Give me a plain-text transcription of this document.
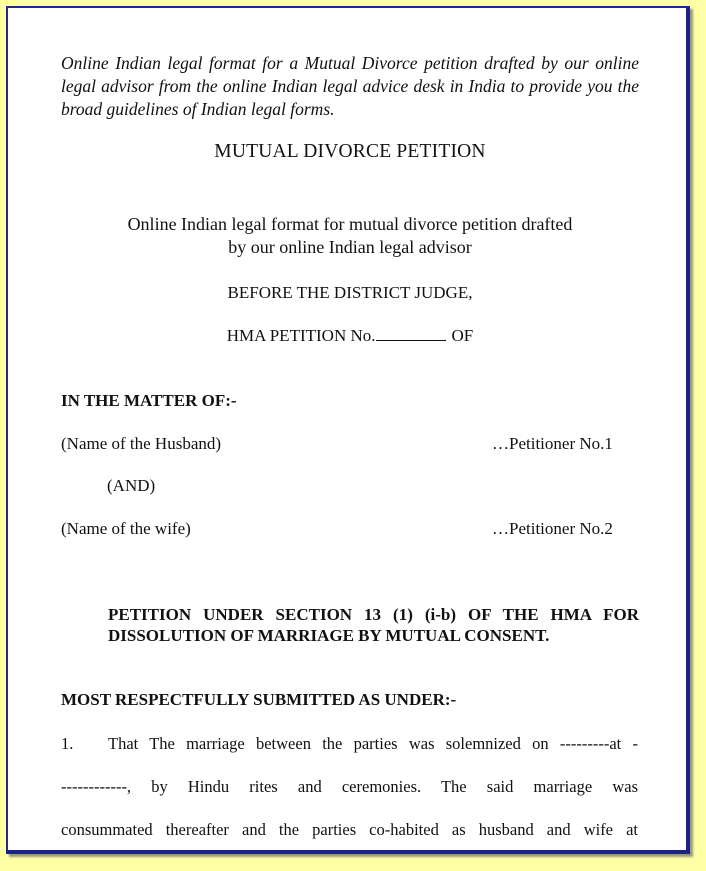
Online Indian legal format for a Mutual Divorce petition drafted by our online legal advisor from the online Indian legal advice desk in India to provide you the broad guidelines of Indian legal forms.
MUTUAL DIVORCE PETITION
Online Indian legal format for mutual divorce petition drafted
by our online Indian legal advisor
BEFORE THE DISTRICT JUDGE,
HMA PETITION No.	OF
IN THE MATTER OF:-
(Name of the Husband)	…Petitioner No.1
(AND)
(Name of the wife)	…Petitioner No.2
PETITION UNDER SECTION 13 (1) (i-b) OF THE HMA FOR DISSOLUTION OF MARRIAGE BY MUTUAL CONSENT.
MOST RESPECTFULLY SUBMITTED AS UNDER:-
1. That The marriage between the parties was solemnized on ---------at -
------------, by Hindu rites and ceremonies. The said marriage was
consummated thereafter and the parties co-habited as husband and wife at
